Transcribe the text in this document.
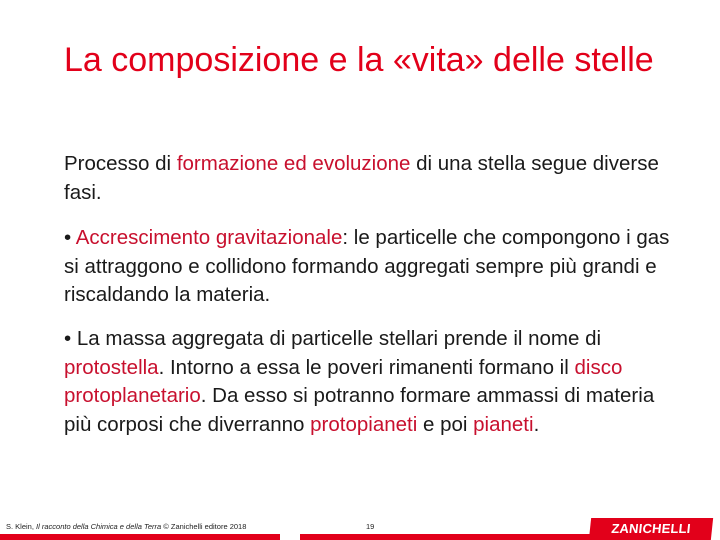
La composizione e la «vita» delle stelle

Processo di formazione ed evoluzione di una stella segue diverse fasi.

• Accrescimento gravitazionale: le particelle che compongono i gas si attraggono e collidono formando aggregati sempre più grandi e riscaldando la materia.

• La massa aggregata di particelle stellari prende il nome di protostella. Intorno a essa le poveri rimanenti formano il disco protoplanetario. Da esso si potranno formare ammassi di materia più corposi che diverranno protopianeti e poi pianeti.

S. Klein, Il racconto della Chimica e della Terra © Zanichelli editore 2018	19	ZANICHELLI
